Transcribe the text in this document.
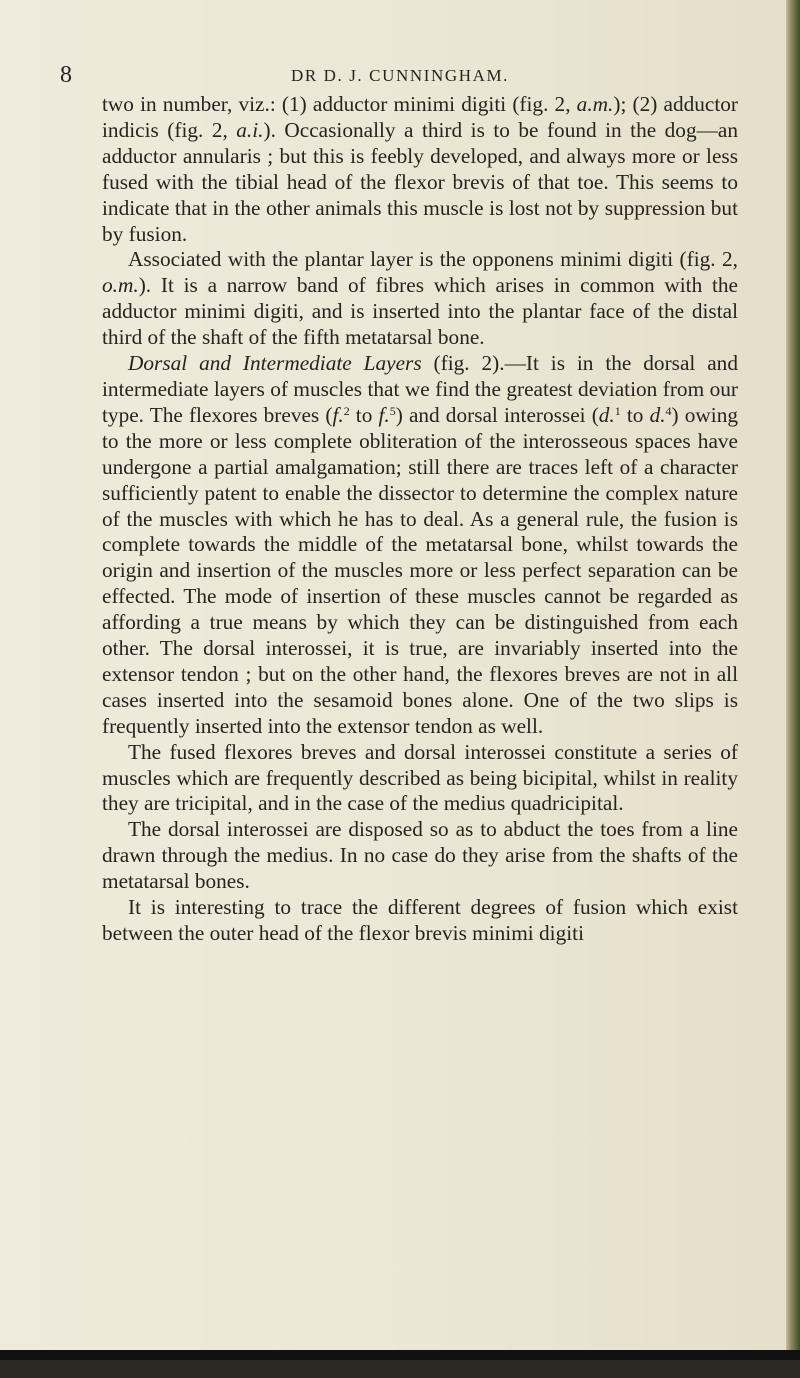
8	DR D. J. CUNNINGHAM.

two in number, viz.: (1) adductor minimi digiti (fig. 2, a.m.); (2) adductor indicis (fig. 2, a.i.). Occasionally a third is to be found in the dog—an adductor annularis ; but this is feebly developed, and always more or less fused with the tibial head of the flexor brevis of that toe. This seems to indicate that in the other animals this muscle is lost not by suppression but by fusion.

Associated with the plantar layer is the opponens minimi digiti (fig. 2, o.m.). It is a narrow band of fibres which arises in common with the adductor minimi digiti, and is inserted into the plantar face of the distal third of the shaft of the fifth metatarsal bone.

Dorsal and Intermediate Layers (fig. 2).—It is in the dorsal and intermediate layers of muscles that we find the greatest deviation from our type. The flexores breves (f.$^2$ to f.$^5$) and dorsal interossei (d.$^1$ to d.$^4$) owing to the more or less complete obliteration of the interosseous spaces have undergone a partial amalgamation; still there are traces left of a character sufficiently patent to enable the dissector to determine the complex nature of the muscles with which he has to deal. As a general rule, the fusion is complete towards the middle of the metatarsal bone, whilst towards the origin and insertion of the muscles more or less perfect separation can be effected. The mode of insertion of these muscles cannot be regarded as affording a true means by which they can be distinguished from each other. The dorsal interossei, it is true, are invariably inserted into the extensor tendon ; but on the other hand, the flexores breves are not in all cases inserted into the sesamoid bones alone. One of the two slips is frequently inserted into the extensor tendon as well.

The fused flexores breves and dorsal interossei constitute a series of muscles which are frequently described as being bicipital, whilst in reality they are tricipital, and in the case of the medius quadricipital.

The dorsal interossei are disposed so as to abduct the toes from a line drawn through the medius. In no case do they arise from the shafts of the metatarsal bones.

It is interesting to trace the different degrees of fusion which exist between the outer head of the flexor brevis minimi digiti
